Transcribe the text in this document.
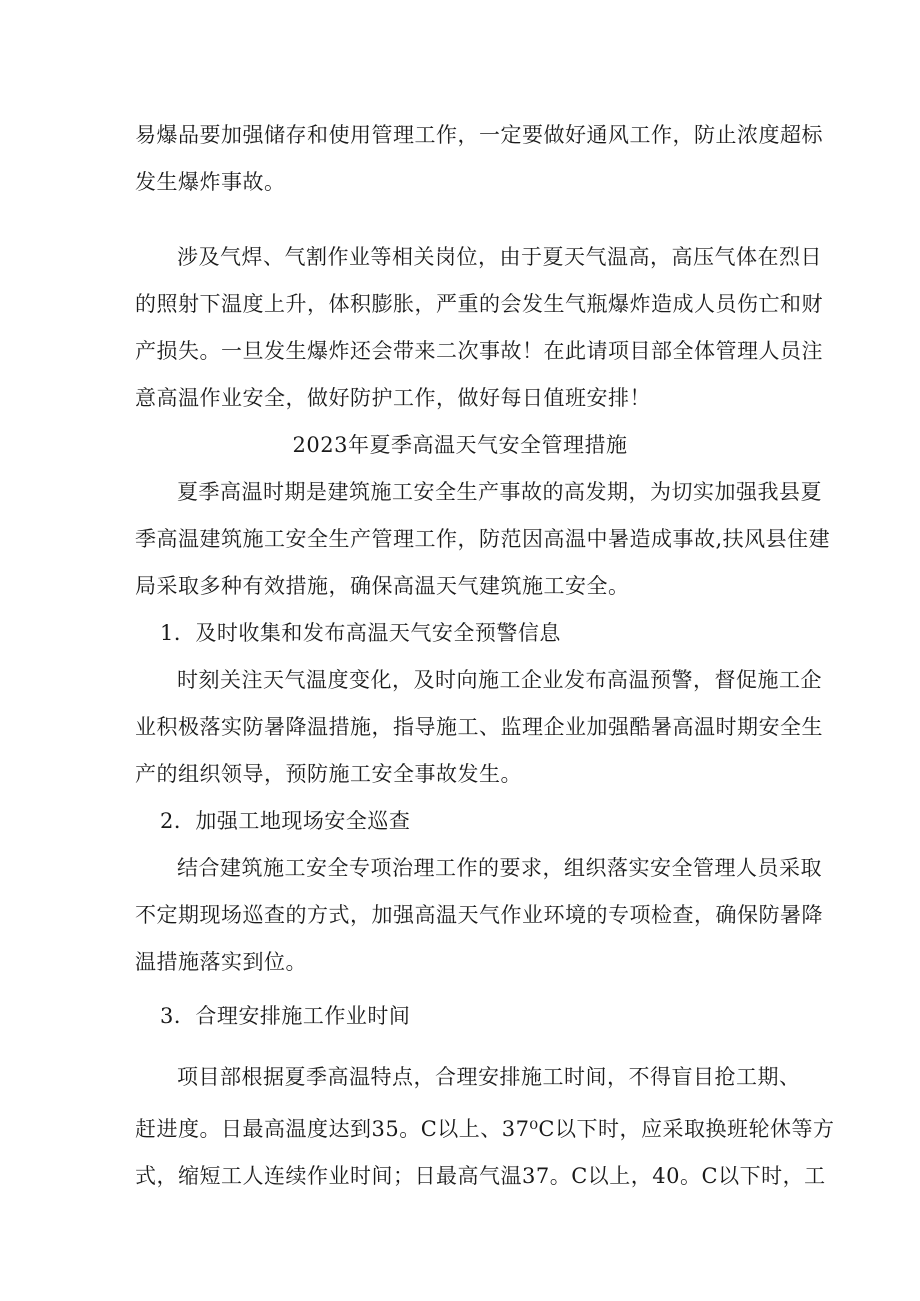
易爆品要加强储存和使用管理工作，一定要做好通风工作，防止浓度超标
发生爆炸事故。
涉及气焊、气割作业等相关岗位，由于夏天气温高，高压气体在烈日
的照射下温度上升，体积膨胀，严重的会发生气瓶爆炸造成人员伤亡和财
产损失。一旦发生爆炸还会带来二次事故！在此请项目部全体管理人员注
意高温作业安全，做好防护工作，做好每日值班安排！
2023年夏季高温天气安全管理措施
夏季高温时期是建筑施工安全生产事故的高发期，为切实加强我县夏
季高温建筑施工安全生产管理工作，防范因高温中暑造成事故,扶风县住建
局采取多种有效措施，确保高温天气建筑施工安全。
1．及时收集和发布高温天气安全预警信息
时刻关注天气温度变化，及时向施工企业发布高温预警，督促施工企
业积极落实防暑降温措施，指导施工、监理企业加强酷暑高温时期安全生
产的组织领导，预防施工安全事故发生。
2．加强工地现场安全巡查
结合建筑施工安全专项治理工作的要求，组织落实安全管理人员采取
不定期现场巡查的方式，加强高温天气作业环境的专项检查，确保防暑降
温措施落实到位。
3．合理安排施工作业时间
项目部根据夏季高温特点，合理安排施工时间，不得盲目抢工期、
赶进度。日最高温度达到35。C以上、37⁰C以下时，应采取换班轮休等方
式，缩短工人连续作业时间；日最高气温37。C以上，40。C以下时，工
